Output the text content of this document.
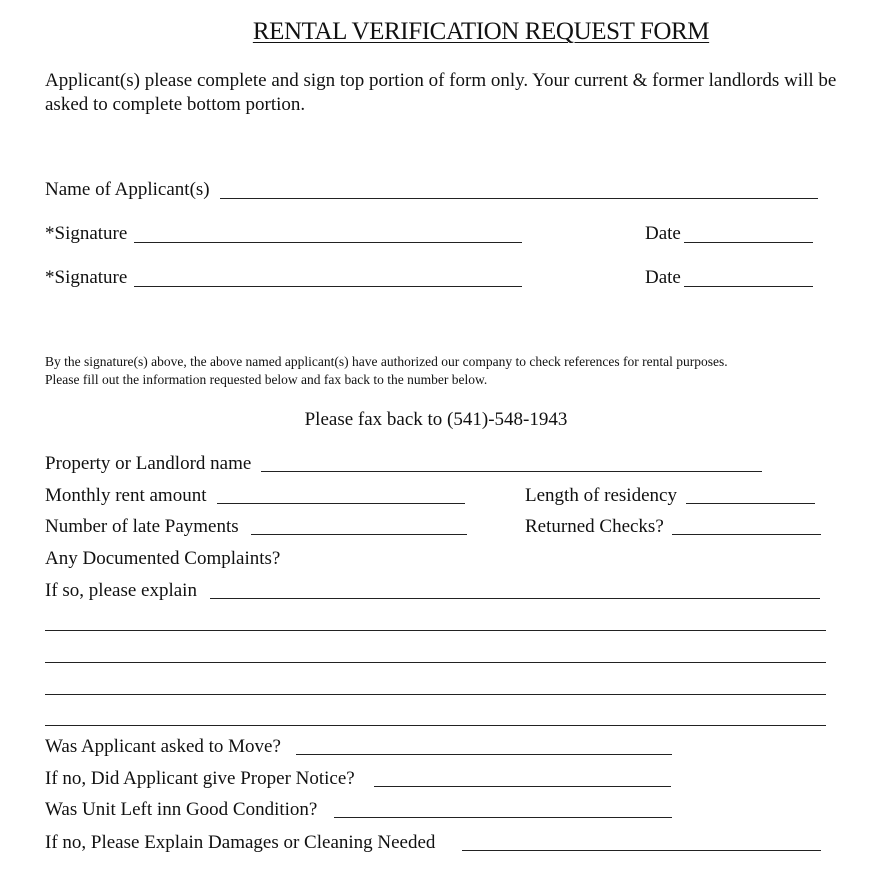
RENTAL VERIFICATION REQUEST FORM
Applicant(s) please complete and sign top portion of form only. Your current & former landlords will be asked to complete bottom portion.
Name of Applicant(s)
*Signature	Date
*Signature	Date
By the signature(s) above, the above named applicant(s) have authorized our company to check references for rental purposes.
Please fill out the information requested below and fax back to the number below.
Please fax back to (541)-548-1943
Property or Landlord name
Monthly rent amount	Length of residency
Number of late Payments	Returned Checks?
Any Documented Complaints?
If so, please explain
Was Applicant asked to Move?
If no, Did Applicant give Proper Notice?
Was Unit Left inn Good Condition?
If no, Please Explain Damages or Cleaning Needed
